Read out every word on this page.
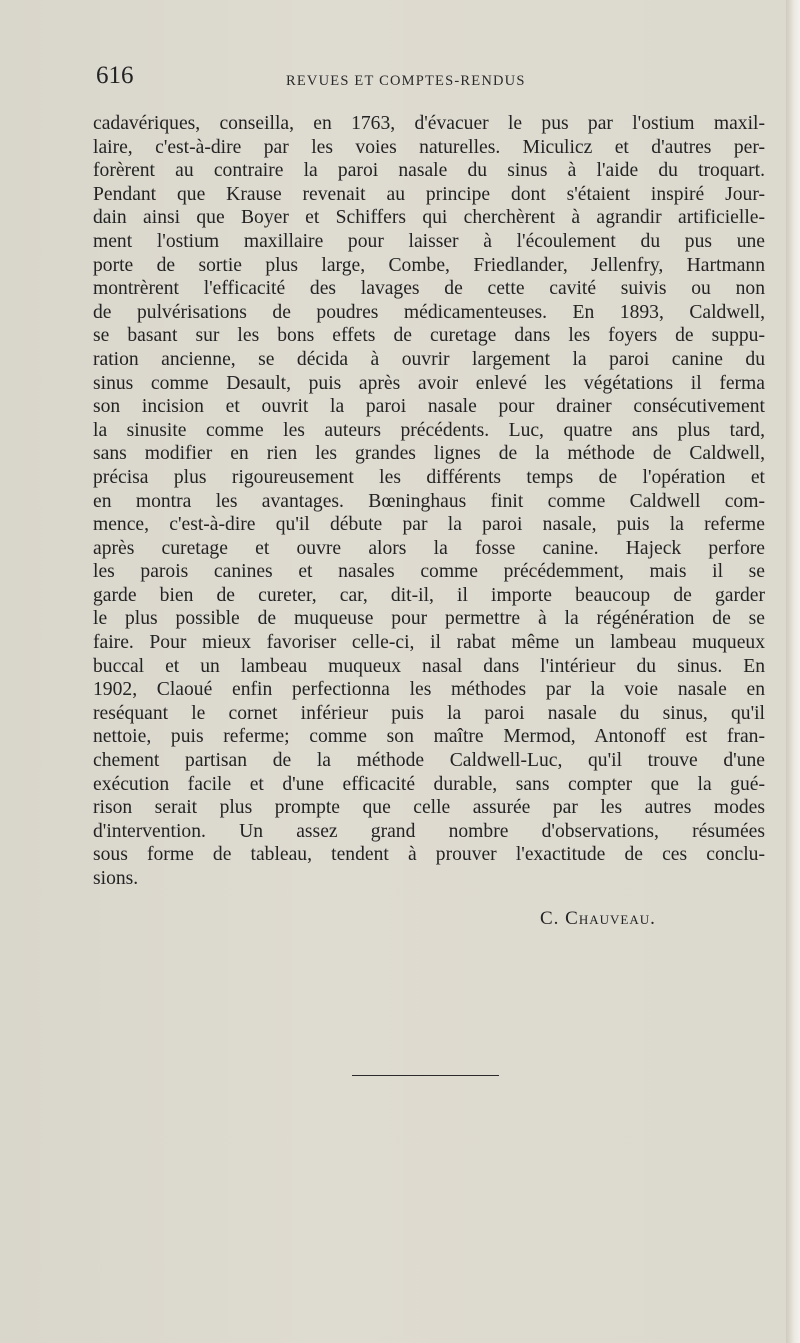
616	REVUES ET COMPTES-RENDUS

cadavériques, conseilla, en 1763, d'évacuer le pus par l'ostium maxil-
laire, c'est-à-dire par les voies naturelles. Miculicz et d'autres per-
forèrent au contraire la paroi nasale du sinus à l'aide du troquart.
Pendant que Krause revenait au principe dont s'étaient inspiré Jour-
dain ainsi que Boyer et Schiffers qui cherchèrent à agrandir artificielle-
ment l'ostium maxillaire pour laisser à l'écoulement du pus une
porte de sortie plus large, Combe, Friedlander, Jellenfry, Hartmann
montrèrent l'efficacité des lavages de cette cavité suivis ou non
de pulvérisations de poudres médicamenteuses. En 1893, Caldwell,
se basant sur les bons effets de curetage dans les foyers de suppu-
ration ancienne, se décida à ouvrir largement la paroi canine du
sinus comme Desault, puis après avoir enlevé les végétations il ferma
son incision et ouvrit la paroi nasale pour drainer consécutivement
la sinusite comme les auteurs précédents. Luc, quatre ans plus tard,
sans modifier en rien les grandes lignes de la méthode de Caldwell,
précisa plus rigoureusement les différents temps de l'opération et
en montra les avantages. Bœninghaus finit comme Caldwell com-
mence, c'est-à-dire qu'il débute par la paroi nasale, puis la referme
après curetage et ouvre alors la fosse canine. Hajeck perfore
les parois canines et nasales comme précédemment, mais il se
garde bien de cureter, car, dit-il, il importe beaucoup de garder
le plus possible de muqueuse pour permettre à la régénération de se
faire. Pour mieux favoriser celle-ci, il rabat même un lambeau muqueux
buccal et un lambeau muqueux nasal dans l'intérieur du sinus. En
1902, Claoué enfin perfectionna les méthodes par la voie nasale en
reséquant le cornet inférieur puis la paroi nasale du sinus, qu'il
nettoie, puis referme; comme son maître Mermod, Antonoff est fran-
chement partisan de la méthode Caldwell-Luc, qu'il trouve d'une
exécution facile et d'une efficacité durable, sans compter que la gué-
rison serait plus prompte que celle assurée par les autres modes
d'intervention. Un assez grand nombre d'observations, résumées
sous forme de tableau, tendent à prouver l'exactitude de ces conclu-
sions.

C. Chauveau.
